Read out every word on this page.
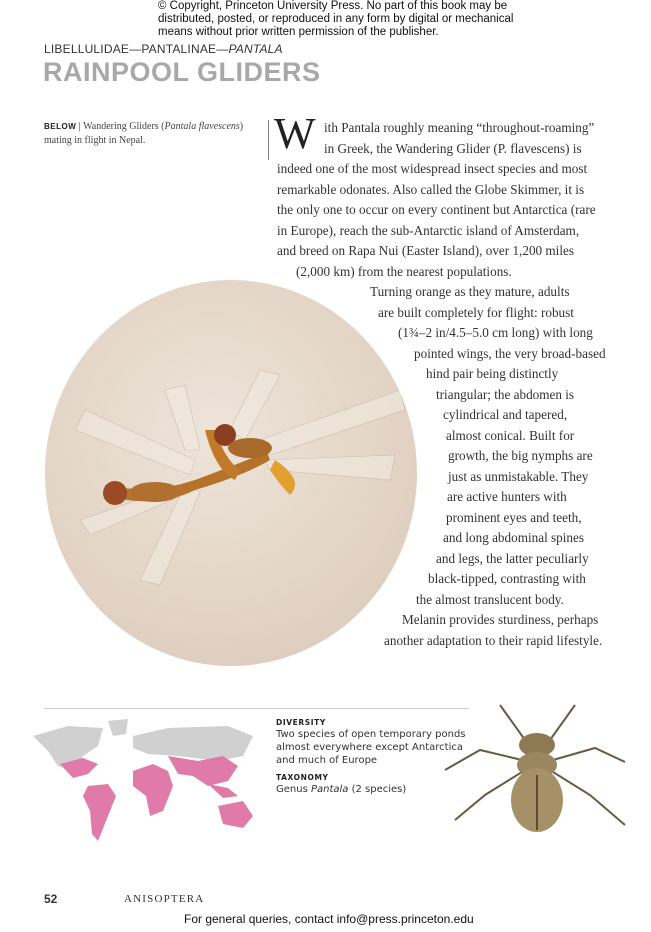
© Copyright, Princeton University Press. No part of this book may be distributed, posted, or reproduced in any form by digital or mechanical means without prior written permission of the publisher.
LIBELLULIDAE—PANTALINAE—PANTALA
RAINPOOL GLIDERS
BELOW | Wandering Gliders (Pantala flavescens) mating in flight in Nepal.	W ith Pantala roughly meaning “throughout-roaming”
in Greek, the Wandering Glider (P. flavescens) is
indeed one of the most widespread insect species and most
remarkable odonates. Also called the Globe Skimmer, it is
the only one to occur on every continent but Antarctica (rare
in Europe), reach the sub-Antarctic island of Amsterdam,
and breed on Rapa Nui (Easter Island), over 1,200 miles
(2,000 km) from the nearest populations.
Turning orange as they mature, adults
are built completely for flight: robust
(1¾–2 in/4.5–5.0 cm long) with long
pointed wings, the very broad-based
hind pair being distinctly
triangular; the abdomen is
cylindrical and tapered,
almost conical. Built for
growth, the big nymphs are
just as unmistakable. They
are active hunters with
prominent eyes and teeth,
and long abdominal spines
and legs, the latter peculiarly
black-tipped, contrasting with
the almost translucent body.
Melanin provides sturdiness, perhaps
another adaptation to their rapid lifestyle.
DIVERSITY

Two species of open temporary ponds almost everywhere except Antarctica and much of Europe

TAXONOMY

Genus Pantala (2 species)

52	ANISOPTERA
For general queries, contact info@press.princeton.edu
